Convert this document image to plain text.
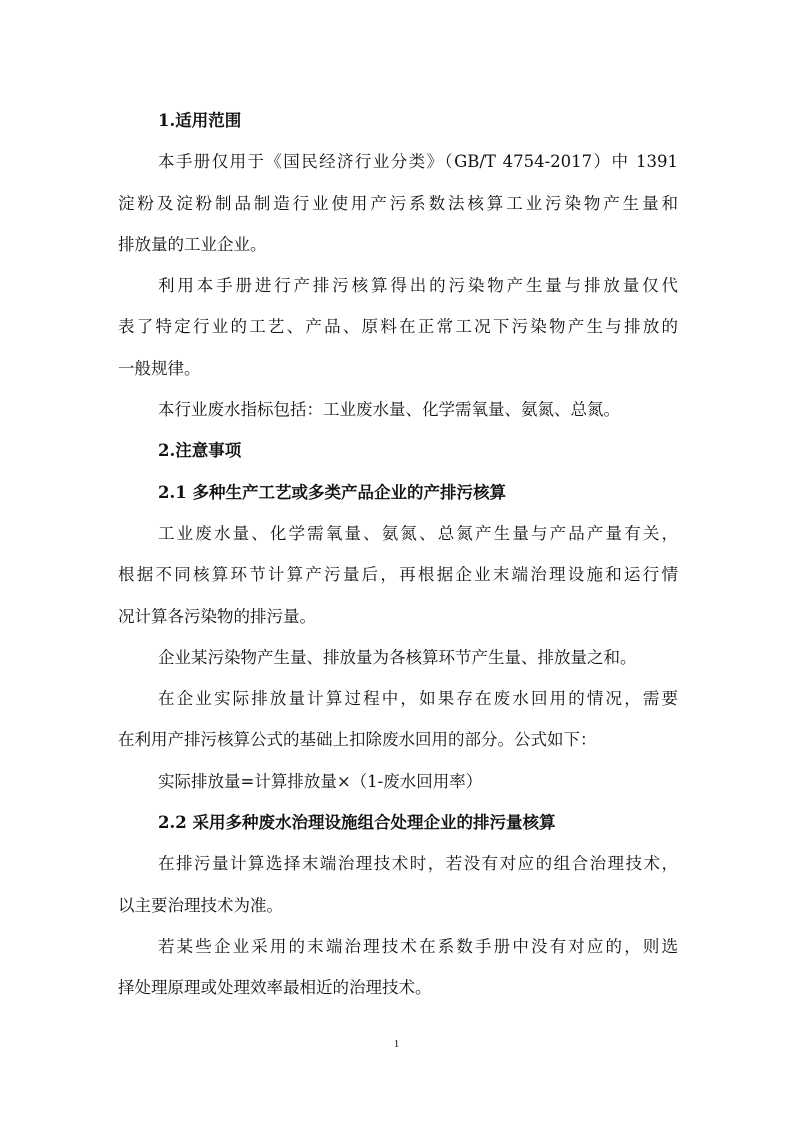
1.适用范围
本手册仅用于《国民经济行业分类》（GB/T 4754-2017）中 1391
淀粉及淀粉制品制造行业使用产污系数法核算工业污染物产生量和
排放量的工业企业。
利用本手册进行产排污核算得出的污染物产生量与排放量仅代
表了特定行业的工艺、产品、原料在正常工况下污染物产生与排放的
一般规律。
本行业废水指标包括：工业废水量、化学需氧量、氨氮、总氮。
2.注意事项
2.1 多种生产工艺或多类产品企业的产排污核算
工业废水量、化学需氧量、氨氮、总氮产生量与产品产量有关，
根据不同核算环节计算产污量后，再根据企业末端治理设施和运行情
况计算各污染物的排污量。
企业某污染物产生量、排放量为各核算环节产生量、排放量之和。
在企业实际排放量计算过程中，如果存在废水回用的情况，需要
在利用产排污核算公式的基础上扣除废水回用的部分。公式如下：
实际排放量=计算排放量×（1-废水回用率）
2.2 采用多种废水治理设施组合处理企业的排污量核算
在排污量计算选择末端治理技术时，若没有对应的组合治理技术，
以主要治理技术为准。
若某些企业采用的末端治理技术在系数手册中没有对应的，则选
择处理原理或处理效率最相近的治理技术。
1
